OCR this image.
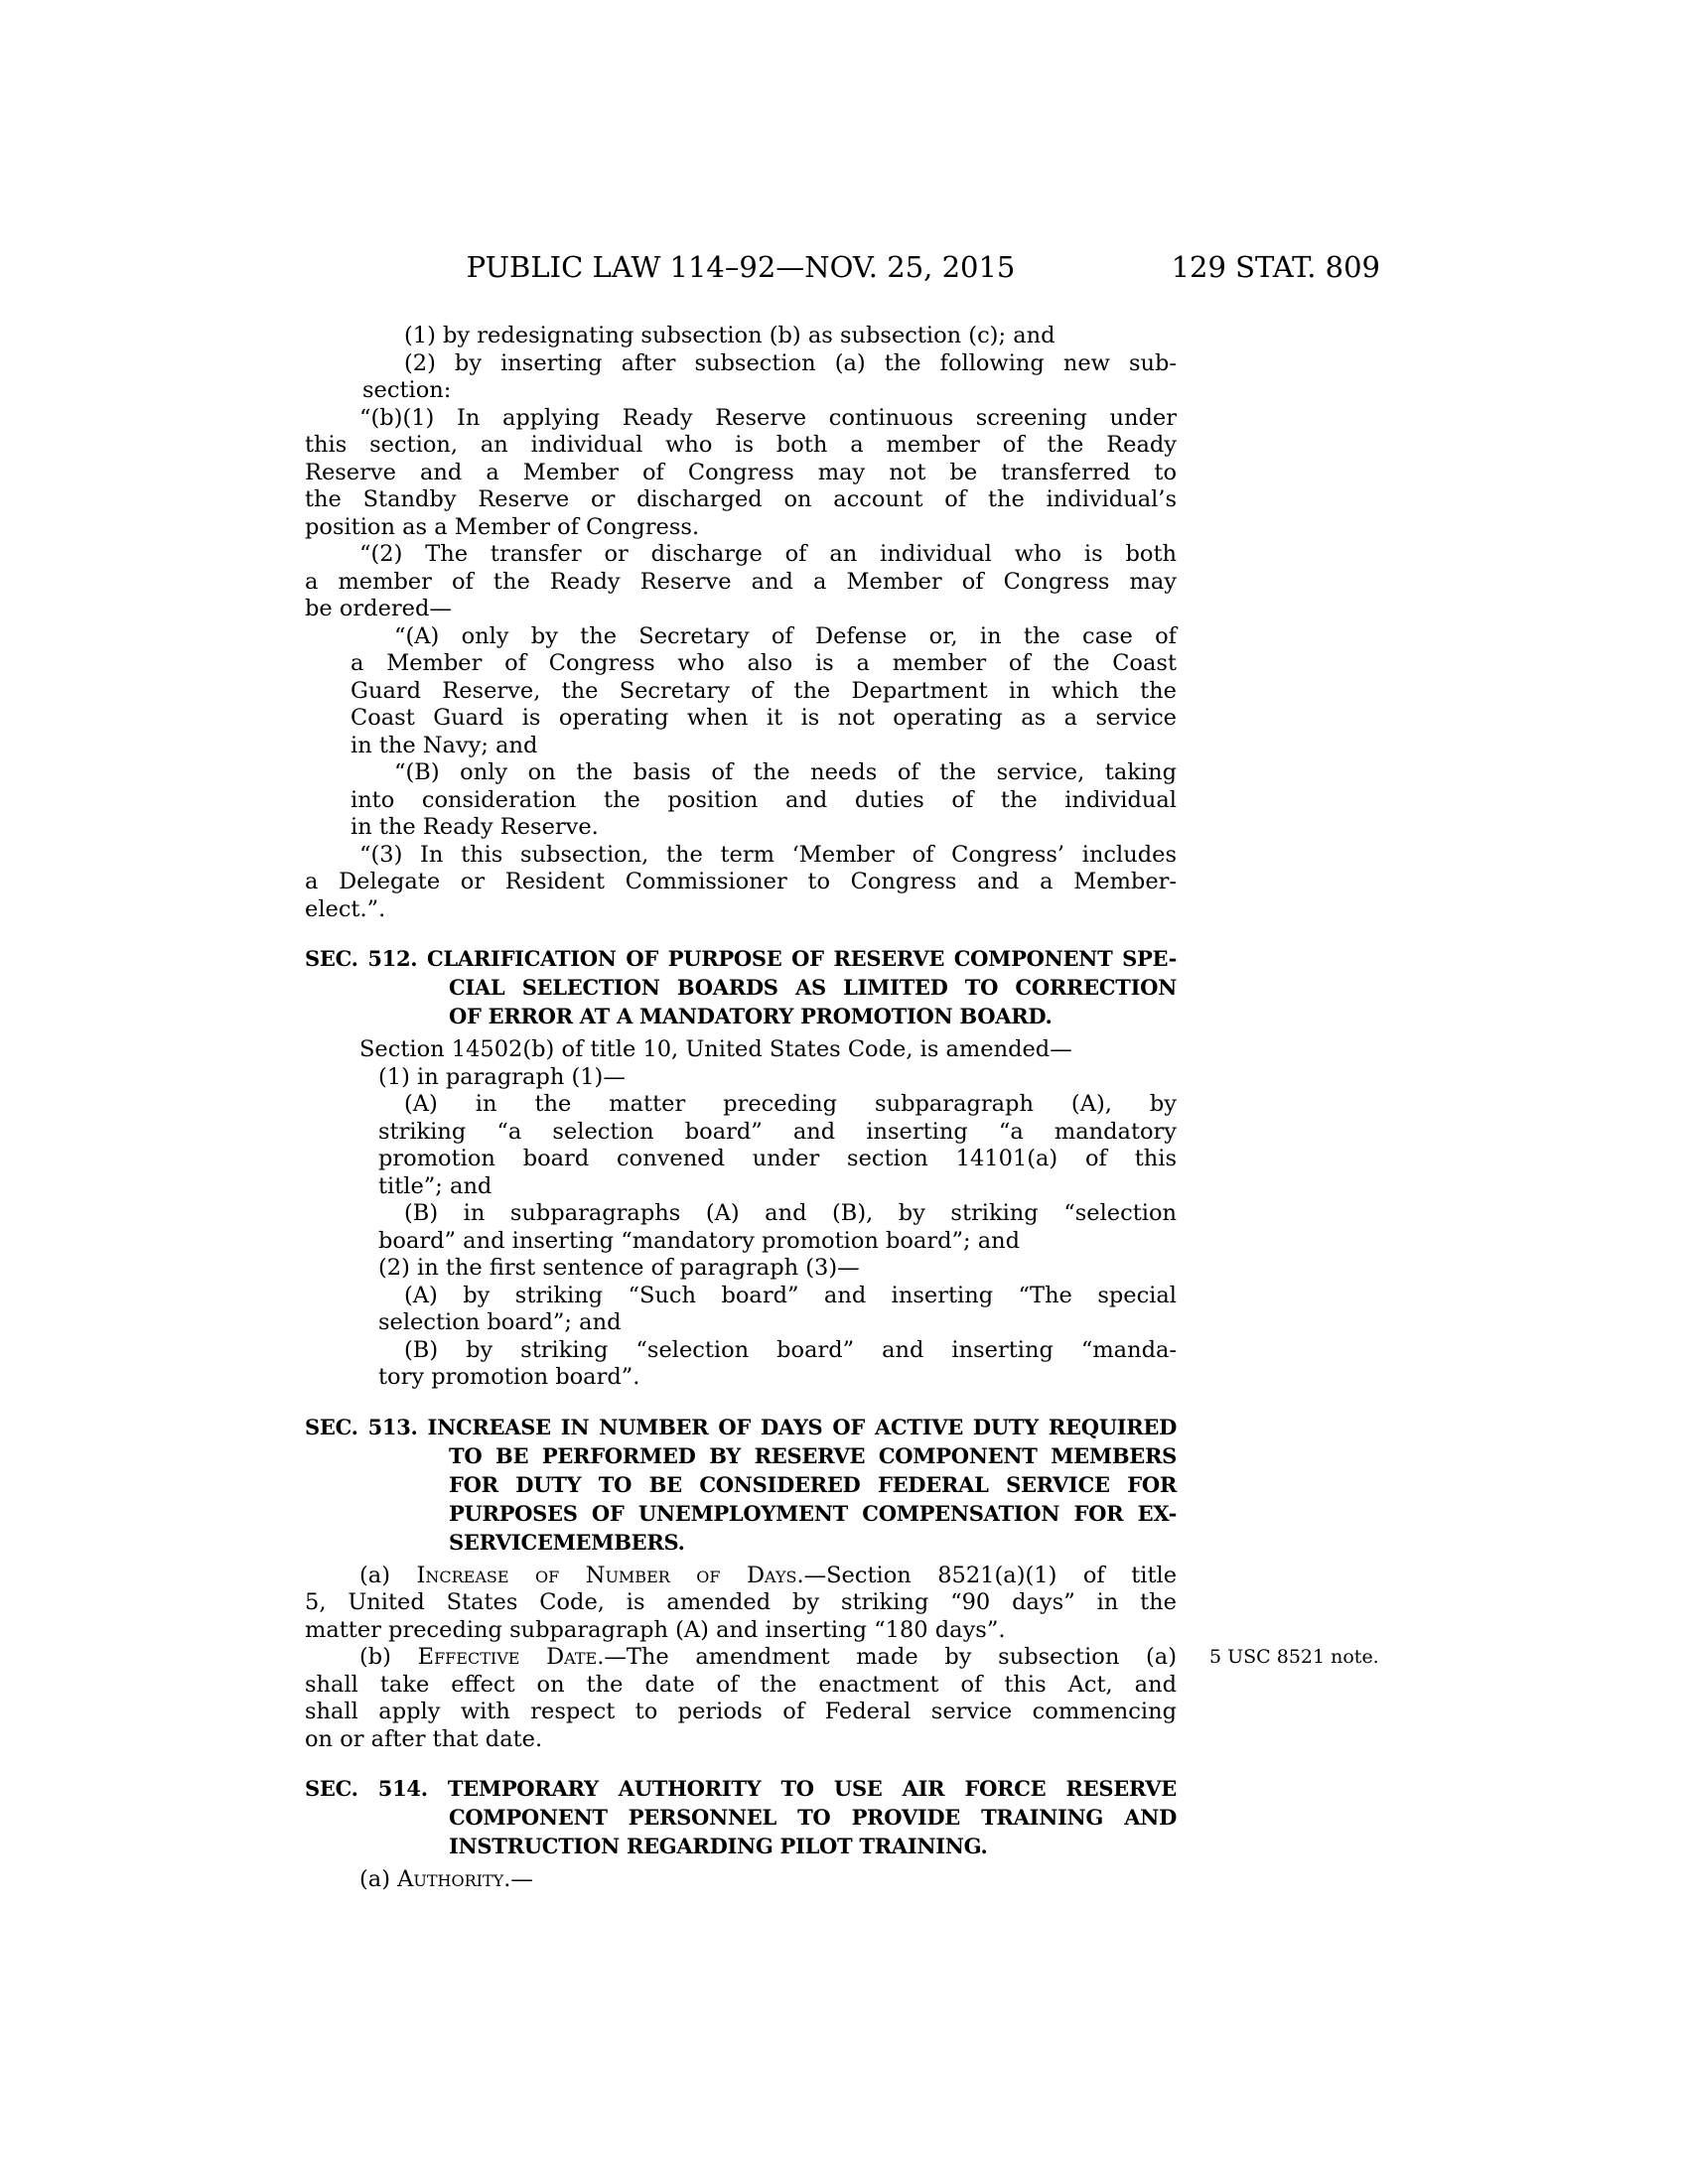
PUBLIC LAW 114–92—NOV. 25, 2015	129 STAT. 809
(1) by redesignating subsection (b) as subsection (c); and
(2) by inserting after subsection (a) the following new sub-
section:
“(b)(1) In applying Ready Reserve continuous screening under
this section, an individual who is both a member of the Ready
Reserve and a Member of Congress may not be transferred to
the Standby Reserve or discharged on account of the individual’s
position as a Member of Congress.
“(2) The transfer or discharge of an individual who is both
a member of the Ready Reserve and a Member of Congress may
be ordered—
“(A) only by the Secretary of Defense or, in the case of
a Member of Congress who also is a member of the Coast
Guard Reserve, the Secretary of the Department in which the
Coast Guard is operating when it is not operating as a service
in the Navy; and
“(B) only on the basis of the needs of the service, taking
into consideration the position and duties of the individual
in the Ready Reserve.
“(3) In this subsection, the term ‘Member of Congress’ includes
a Delegate or Resident Commissioner to Congress and a Member-
elect.”.
SEC. 512. CLARIFICATION OF PURPOSE OF RESERVE COMPONENT SPE-
CIAL SELECTION BOARDS AS LIMITED TO CORRECTION
OF ERROR AT A MANDATORY PROMOTION BOARD.
Section 14502(b) of title 10, United States Code, is amended—
(1) in paragraph (1)—
(A) in the matter preceding subparagraph (A), by
striking “a selection board” and inserting “a mandatory
promotion board convened under section 14101(a) of this
title”; and
(B) in subparagraphs (A) and (B), by striking “selection
board” and inserting “mandatory promotion board”; and
(2) in the first sentence of paragraph (3)—
(A) by striking “Such board” and inserting “The special
selection board”; and
(B) by striking “selection board” and inserting “manda-
tory promotion board”.
SEC. 513. INCREASE IN NUMBER OF DAYS OF ACTIVE DUTY REQUIRED
TO BE PERFORMED BY RESERVE COMPONENT MEMBERS
FOR DUTY TO BE CONSIDERED FEDERAL SERVICE FOR
PURPOSES OF UNEMPLOYMENT COMPENSATION FOR EX-
SERVICEMEMBERS.
(a) Increase of Number of Days.—Section 8521(a)(1) of title
5, United States Code, is amended by striking “90 days” in the
matter preceding subparagraph (A) and inserting “180 days”.
(b) Effective Date.—The amendment made by subsection (a)
shall take effect on the date of the enactment of this Act, and
shall apply with respect to periods of Federal service commencing
on or after that date.
5 USC 8521 note.
SEC. 514. TEMPORARY AUTHORITY TO USE AIR FORCE RESERVE
COMPONENT PERSONNEL TO PROVIDE TRAINING AND
INSTRUCTION REGARDING PILOT TRAINING.
(a) Authority.—
